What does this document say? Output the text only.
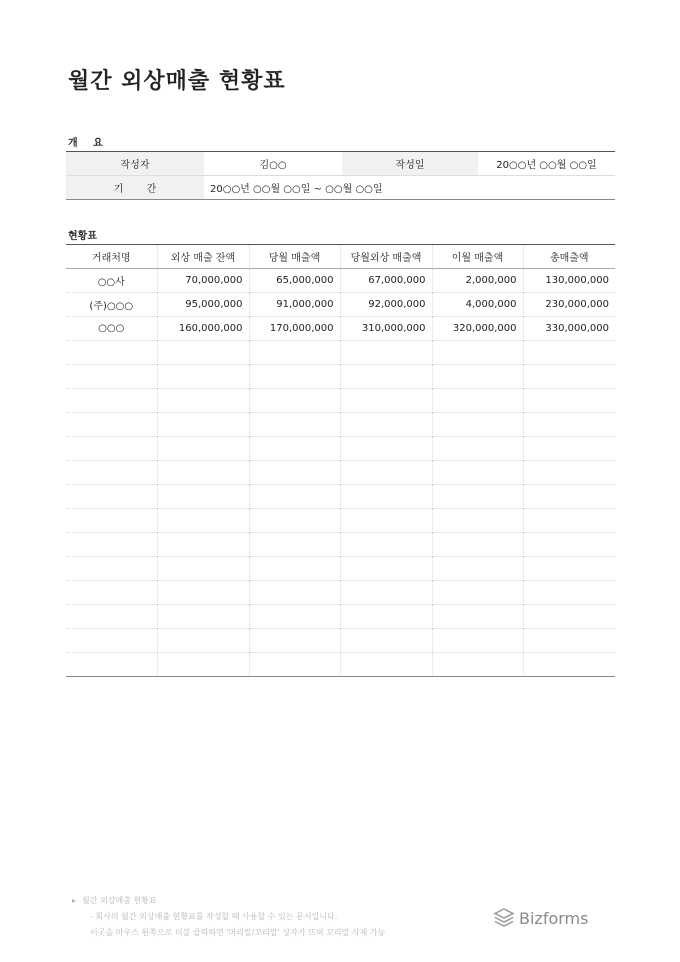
월간 외상매출 현황표
개 요
작성자	김○○	작성일	20○○년 ○○월 ○○일
기 간	20○○년 ○○월 ○○일 ~ ○○월 ○○일		
현황표
거래처명	외상 매출 잔액	당월 매출액	당월외상 매출액	이월 매출액	총매출액
○○사	70,000,000	65,000,000	67,000,000	2,000,000	130,000,000
(주)○○○	95,000,000	91,000,000	92,000,000	4,000,000	230,000,000
○○○	160,000,000	170,000,000	310,000,000	320,000,000	330,000,000

▸ 월간 외상매출 현황표
- 회사의 월간 외상매출 현황표를 작성할 때 사용할 수 있는 문서입니다.
이곳을 마우스 왼쪽으로 더블 클릭하면 '머리말/꼬리말' 상자가 뜨며 꼬리말 삭제 가능
Bizforms
